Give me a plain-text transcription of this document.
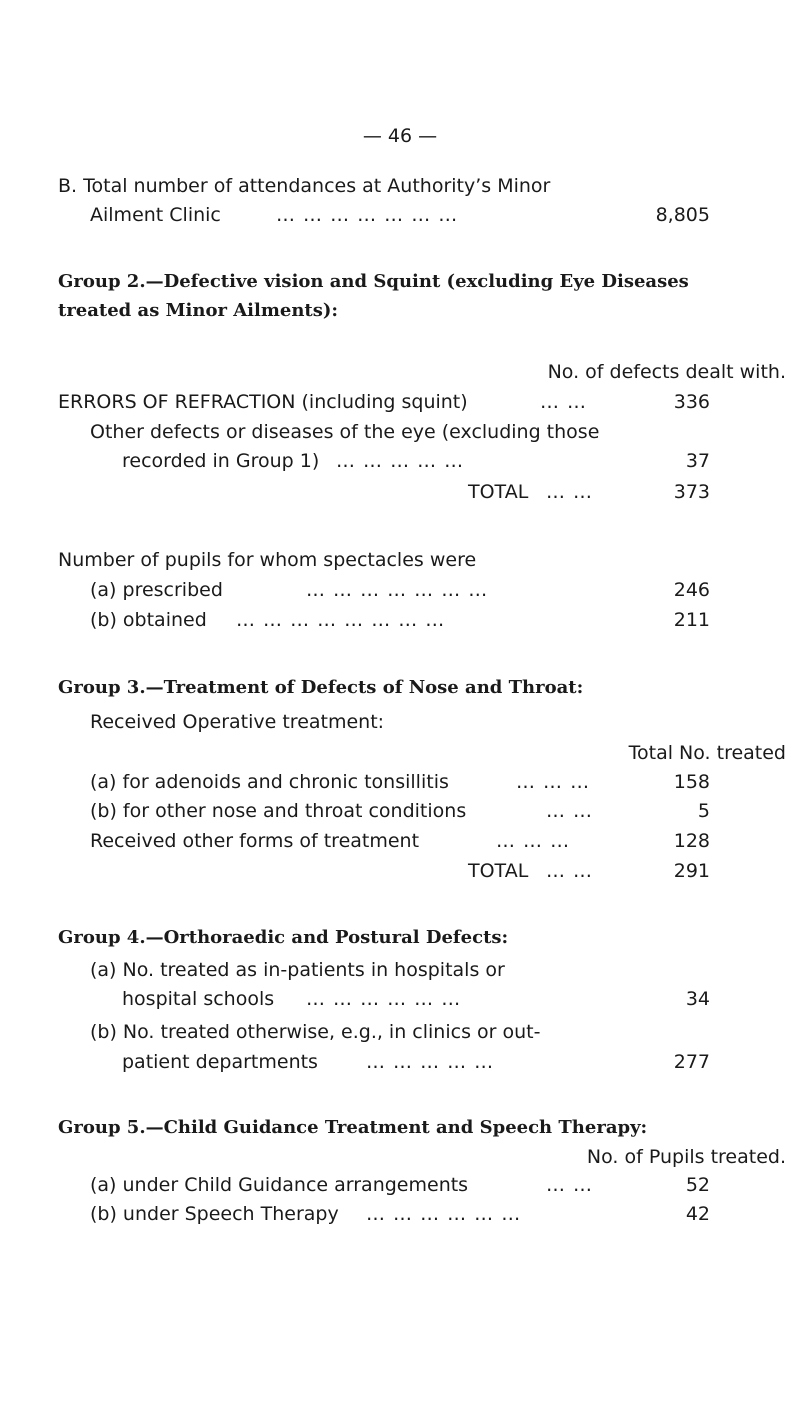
— 46 —
B. Total number of attendances at Authority’s Minor
Ailment Clinic	… … … … … … …	8,805
Group 2.—Defective vision and Squint (excluding Eye Diseases
treated as Minor Ailments):
No. of defects dealt with.
ERRORS OF REFRACTION (including squint)	… …	336
Other defects or diseases of the eye (excluding those
recorded in Group 1) … … … … …	37
TOTAL … …	373
Number of pupils for whom spectacles were
(a) prescribed	… … … … … … …	246
(b) obtained … … … … … … … …	211
Group 3.—Treatment of Defects of Nose and Throat:
Received Operative treatment:
Total No. treated
(a) for adenoids and chronic tonsillitis	… … …	158
(b) for other nose and throat conditions	… …	5
Received other forms of treatment	… … …	128
TOTAL … …	291
Group 4.—Orthoraedic and Postural Defects:
(a) No. treated as in-patients in hospitals or
hospital schools … … … … … …	34
(b) No. treated otherwise, e.g., in clinics or out-
patient departments	… … … … …	277
Group 5.—Child Guidance Treatment and Speech Therapy:
No. of Pupils treated.
(a) under Child Guidance arrangements	… …	52
(b) under Speech Therapy … … … … … …	42
